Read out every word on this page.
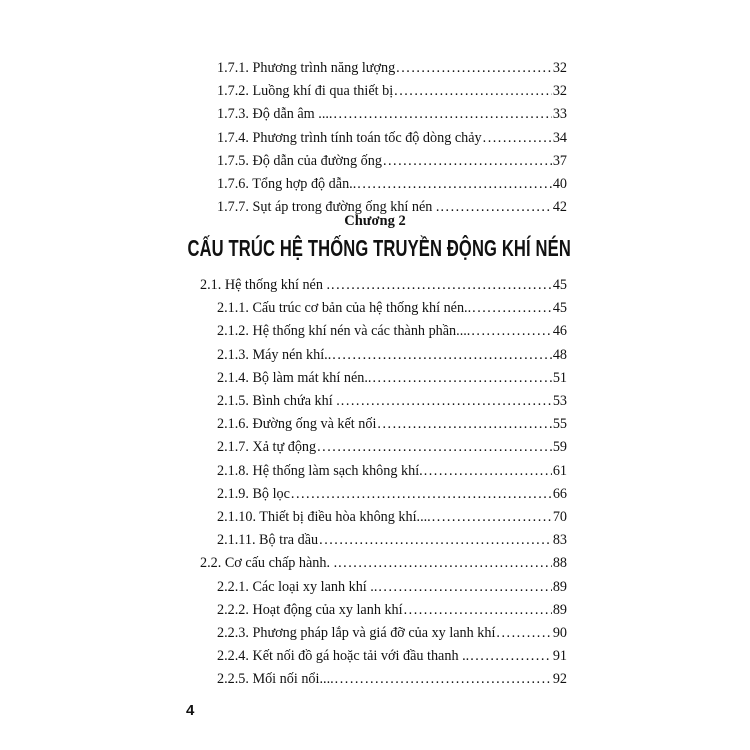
1.7.1. Phương trình năng lượng .....	32
1.7.2. Luồng khí đi qua thiết bị .....	32
1.7.3. Độ dẫn âm .... .....	33
1.7.4. Phương trình tính toán tốc độ dòng chảy .....	34
1.7.5. Độ dẫn của đường ống .....	37
1.7.6. Tổng hợp độ dẫn.. .....	40
1.7.7. Sụt áp trong đường ống khí nén . .....	42
Chương 2
CẤU TRÚC HỆ THỐNG TRUYỀN ĐỘNG KHÍ NÉN
2.1. Hệ thống khí nén . .....	45
2.1.1. Cấu trúc cơ bản của hệ thống khí nén.. .....	45
2.1.2. Hệ thống khí nén và các thành phần.... .....	46
2.1.3. Máy nén khí.. .....	48
2.1.4. Bộ làm mát khí nén.. .....	51
2.1.5. Bình chứa khí . .....	53
2.1.6. Đường ống và kết nối .....	55
2.1.7. Xả tự động .....	59
2.1.8. Hệ thống làm sạch không khí. .....	61
2.1.9. Bộ lọc .....	66
2.1.10. Thiết bị điều hòa không khí.... .....	70
2.1.11. Bộ tra dầu .....	83
2.2. Cơ cấu chấp hành. . .....	88
2.2.1. Các loại xy lanh khí .. .....	89
2.2.2. Hoạt động của xy lanh khí .....	89
2.2.3. Phương pháp lắp và giá đỡ của xy lanh khí .....	90
2.2.4. Kết nối đồ gá hoặc tải với đầu thanh .. .....	91
2.2.5. Mối nối nổi.... .....	92
4
